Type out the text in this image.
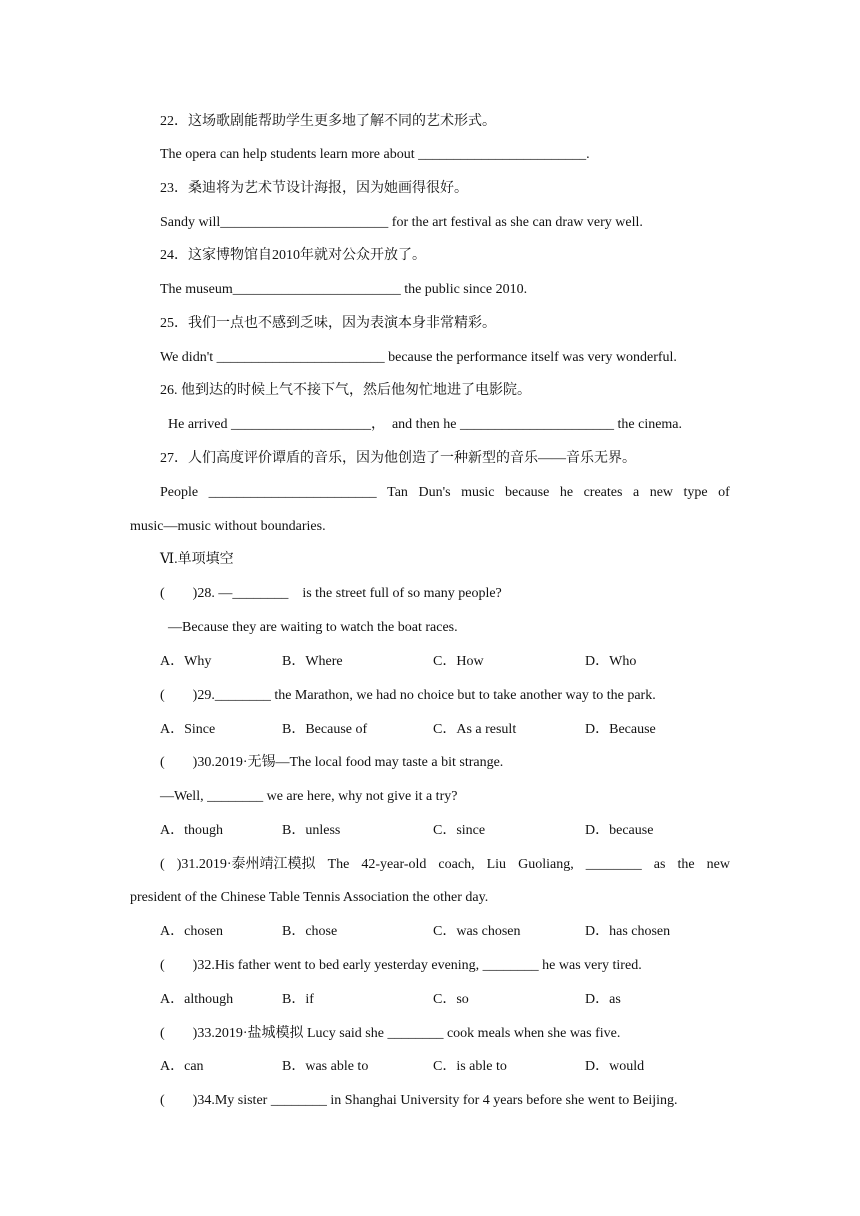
22．这场歌剧能帮助学生更多地了解不同的艺术形式。
The opera can help students learn more about ________________________.
23．桑迪将为艺术节设计海报，因为她画得很好。
Sandy will________________________ for the art festival as she can draw very well.
24．这家博物馆自2010年就对公众开放了。
The museum________________________ the public since 2010.
25．我们一点也不感到乏味，因为表演本身非常精彩。
We didn't ________________________ because the performance itself was very wonderful.
26. 他到达的时候上气不接下气，然后他匆忙地进了电影院。
He arrived ____________________，  and then he ______________________ the cinema.
27．人们高度评价谭盾的音乐，因为他创造了一种新型的音乐——音乐无界。
People ________________________ Tan Dun's music because he creates a new type of
music—music without boundaries.
Ⅵ.单项填空
(        )28. —________    is the street full of so many people?
—Because they are waiting to watch the boat races.
A．Why	B．Where	C．How	D．Who
(        )29.________ the Marathon, we had no choice but to take another way to the park.
A．Since	B．Because of	C．As a result	D．Because
(        )30.2019·无锡—The local food may taste a bit strange.
—Well, ________ we are here, why not give it a try?
A．though	B．unless	C．since	D．because
( )31.2019·泰州靖江模拟 The 42-year-old coach, Liu Guoliang, ________ as the new
president of the Chinese Table Tennis Association the other day.
A．chosen	B．chose	C．was chosen	D．has chosen
(        )32.His father went to bed early yesterday evening, ________ he was very tired.
A．although	B．if	C．so	D．as
(        )33.2019·盐城模拟 Lucy said she ________ cook meals when she was five.
A．can	B．was able to	C．is able to	D．would
(        )34.My sister ________ in Shanghai University for 4 years before she went to Beijing.
